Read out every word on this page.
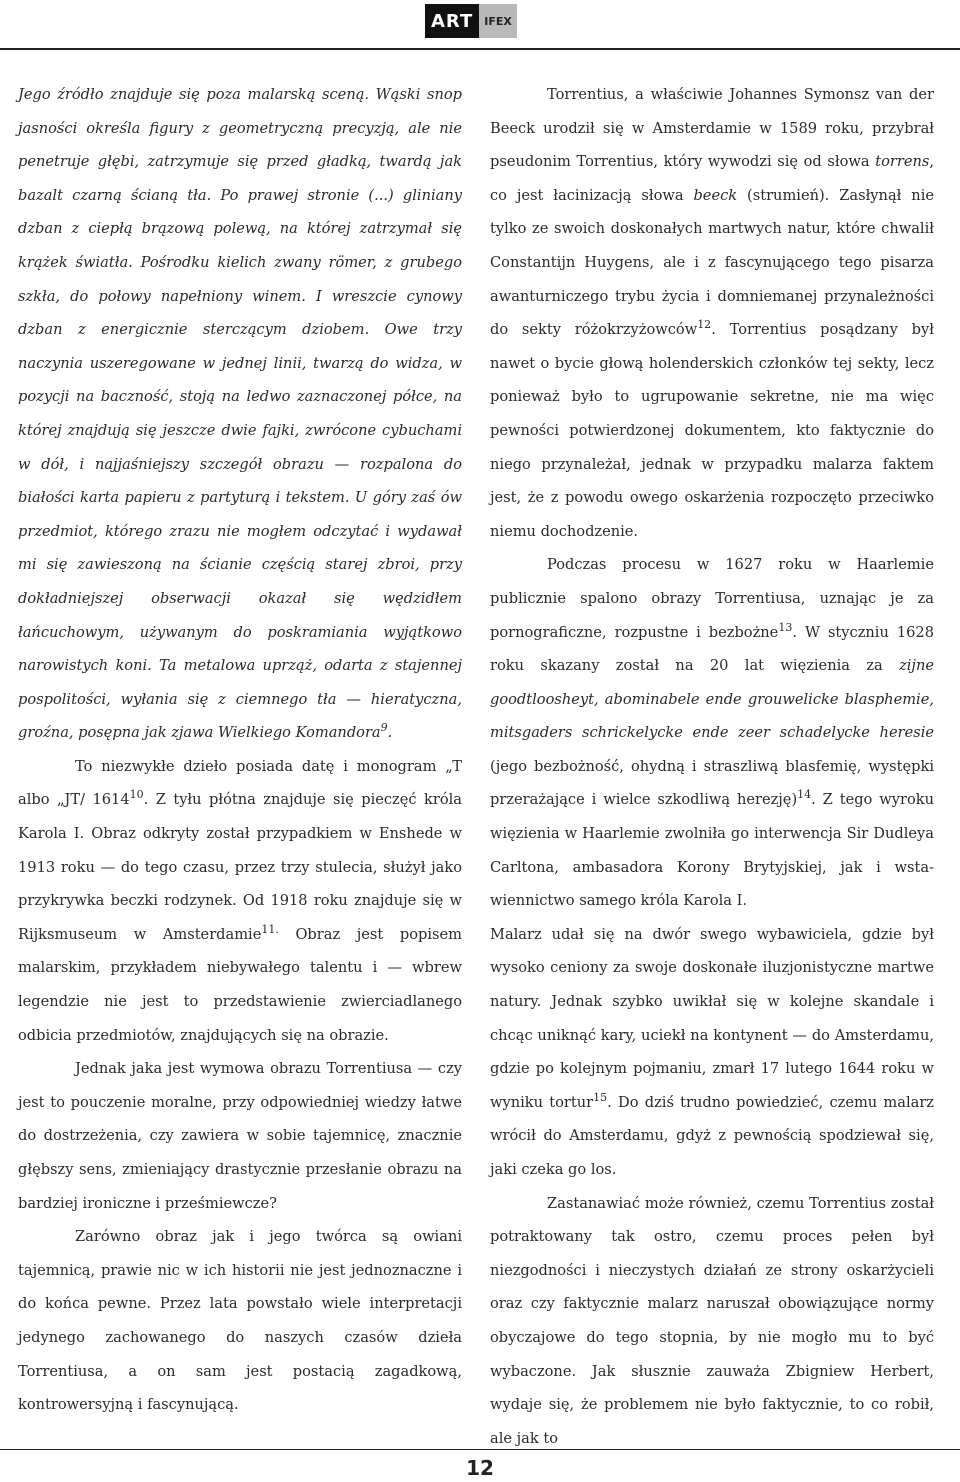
ART	IFEX

Jego źródło znajduje się poza malarską sceną. Wąski snop jasności określa figury z geometryczną precyzją, ale nie penetruje głębi, zatrzymuje się przed gładką, twardą jak bazalt czarną ścianą tła. Po prawej stronie (...) gliniany dzban z ciepłą brązową polewą, na której zatrzymał się krążek światła. Pośrodku kielich zwany römer, z grubego szkła, do połowy napełniony winem. I wreszcie cynowy dzban z energicznie sterczącym dziobem. Owe trzy naczynia uszeregowane w jednej linii, twarzą do widza, w pozycji na baczność, stoją na ledwo zaznaczonej półce, na której znajdują się jeszcze dwie fajki, zwrócone cybuchami w dół, i najjaśniejszy szczegół obrazu — rozpalona do białości karta papieru z partyturą i tekstem. U góry zaś ów przedmiot, którego zrazu nie mogłem odczytać i wydawał mi się zawieszoną na ścianie częścią starej zbroi, przy dokładniejszej obserwacji okazał się wędzidłem łańcuchowym, używanym do poskramiania wyjątkowo narowistych koni. Ta metalowa uprząż, odarta z stajennej pospolitości, wyłania się z ciemnego tła — hieratyczna, groźna, posępna jak zjawa Wielkiego Komandora$^9$.

To niezwykłe dzieło posiada datę i monogram „T albo „JT/ 1614$^{10}$. Z tyłu płótna znajduje się pieczęć króla Karola I. Obraz odkryty został przypadkiem w Enshede w 1913 roku — do tego czasu, przez trzy stulecia, służył jako przykrywka beczki rodzynek. Od 1918 roku znajduje się w Rijksmuseum w Amsterdamie$^{11.}$ Obraz jest popisem malarskim, przykładem niebywałego talentu i — wbrew legendzie nie jest to przedstawienie zwierciadlanego odbicia przedmiotów, znajdujących się na obrazie.

Jednak jaka jest wymowa obrazu Torrentiusa — czy jest to pouczenie moralne, przy odpowiedniej wiedzy łatwe do dostrzeżenia, czy zawiera w sobie tajemnicę, znacznie głębszy sens, zmieniający drastycznie przesłanie obrazu na bardziej ironiczne i prześmiewcze?

Zarówno obraz jak i jego twórca są owiani tajemnicą, prawie nic w ich historii nie jest jednoznaczne i do końca pewne. Przez lata powstało wiele interpretacji jedynego zachowanego do naszych czasów dzieła Torrentiusa, a on sam jest postacią zagadkową, kontrowersyjną i fascynującą.

Torrentius, a właściwie Johannes Symonsz van der Beeck urodził się w Amsterdamie w 1589 roku, przybrał pseudonim Torrentius, który wywodzi się od słowa torrens, co jest łacinizacją słowa beeck (strumień). Zasłynął nie tylko ze swoich doskonałych martwych natur, które chwalił Constantijn Huygens, ale i z fascynującego tego pisarza awanturniczego trybu życia i domniemanej przynależności do sekty różokrzyżowców$^{12}$. Torrentius posądzany był nawet o bycie głową holenderskich członków tej sekty, lecz ponieważ było to ugrupowanie sekretne, nie ma więc pewności potwierdzonej dokumentem, kto faktycznie do niego przynależał, jednak w przypadku malarza faktem jest, że z powodu owego oskarżenia rozpoczęto przeciwko niemu dochodzenie.

Podczas procesu w 1627 roku w Haarlemie publicznie spalono obrazy Torrentiusa, uznając je za pornograficzne, rozpustne i bezbożne$^{13}$. W styczniu 1628 roku skazany został na 20 lat więzienia za zijne goodtloosheyt, abominabele ende grouwelicke blasphemie, mitsgaders schrickelycke ende zeer schadelycke heresie (jego bezbożność, ohydną i straszliwą blasfemię, występki przerażające i wielce szkodliwą herezję)$^{14}$. Z tego wyroku więzienia w Haarlemie zwolniła go interwencja Sir Dudleya Carltona, ambasadora Korony Brytyjskiej, jak i wsta-wiennictwo samego króla Karola I.

Malarz udał się na dwór swego wybawiciela, gdzie był wysoko ceniony za swoje doskonałe iluzjonistyczne martwe natury. Jednak szybko uwikłał się w kolejne skandale i chcąc uniknąć kary, uciekł na kontynent — do Amsterdamu, gdzie po kolejnym pojmaniu, zmarł 17 lutego 1644 roku w wyniku tortur$^{15}$. Do dziś trudno powiedzieć, czemu malarz wrócił do Amsterdamu, gdyż z pewnością spodziewał się, jaki czeka go los.

Zastanawiać może również, czemu Torrentius został potraktowany tak ostro, czemu proces pełen był niezgodności i nieczystych działań ze strony oskarżycieli oraz czy faktycznie malarz naruszał obowiązujące normy obyczajowe do tego stopnia, by nie mogło mu to być wybaczone. Jak słusznie zauważa Zbigniew Herbert, wydaje się, że problemem nie było faktycznie, to co robił, ale jak to

12
